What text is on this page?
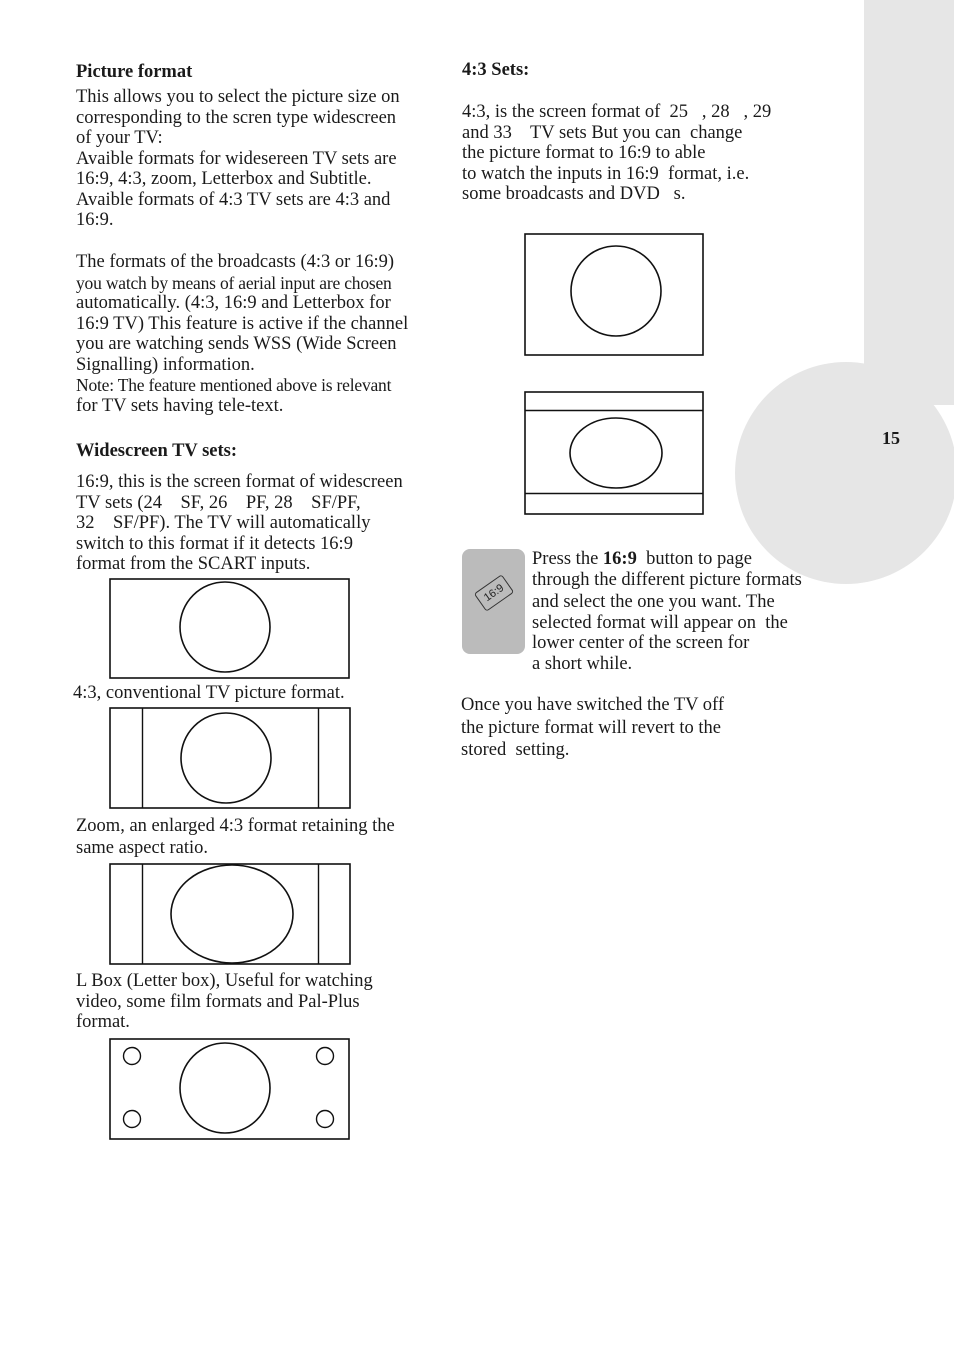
15
Picture format

This allows you to select the picture size on

corresponding to the scren type widescreen

of your TV:

Avaible formats for widesereen TV sets are

16:9, 4:3, zoom, Letterbox and Subtitle.

Avaible formats of 4:3 TV sets are 4:3 and

16:9.

The formats of the broadcasts (4:3 or 16:9)

you watch by means of aerial input are chosen

automatically. (4:3, 16:9 and Letterbox for

16:9 TV) This feature is active if the channel

you are watching sends WSS (Wide Screen

Signalling) information.

Note: The feature mentioned above is relevant

for TV sets having tele-text.

Widescreen TV sets:

16:9, this is the screen format of widescreen

TV sets (24    SF, 26    PF, 28    SF/PF,

32    SF/PF). The TV will automatically

switch to this format if it detects 16:9

format from the SCART inputs.

4:3, conventional TV picture format.

Zoom, an enlarged 4:3 format retaining the

same aspect ratio.

L Box (Letter box), Useful for watching

video, some film formats and Pal-Plus

format.

4:3 Sets:

4:3, is the screen format of  25   , 28   , 29

and 33    TV sets But you can  change

the picture format to 16:9 to able

to watch the inputs in 16:9  format, i.e.

some broadcasts and DVD   s.

16:9

Press the 16:9  button to page

through the different picture formats

and select the one you want. The

selected format will appear on  the

lower center of the screen for

a short while.

Once you have switched the TV off

the picture format will revert to the

stored  setting.
